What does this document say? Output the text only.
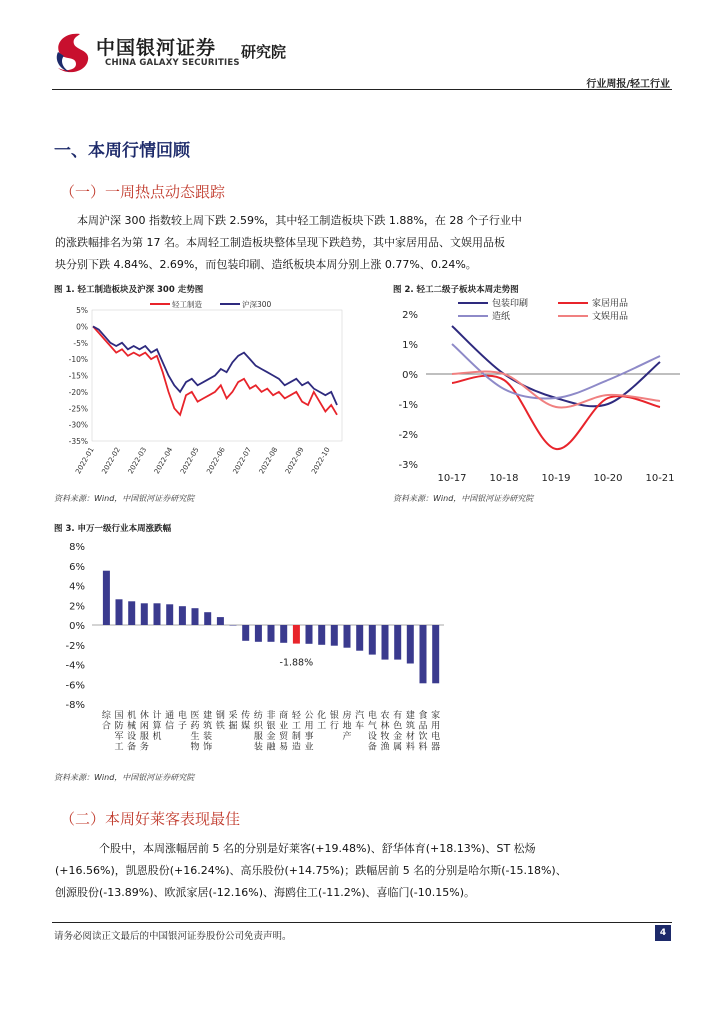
中国银河证券
CHINA GALAXY SECURITIES
研究院
行业周报/轻工行业
一、本周行情回顾
（一）一周热点动态跟踪
本周沪深 300 指数较上周下跌 2.59%，其中轻工制造板块下跌 1.88%，在 28 个子行业中
的涨跌幅排名为第 17 名。本周轻工制造板块整体呈现下跌趋势，其中家居用品、文娱用品板
块分别下跌 4.84%、2.69%，而包装印刷、造纸板块本周分别上涨 0.77%、0.24%。
图 1. 轻工制造板块及沪深 300 走势图
5%
0%
-5%
-10%
-15%
-20%
-25%
-30%
-35%
2022-01 2022-02 2022-03 2022-04 2022-05 2022-06 2022-07 2022-08 2022-09 2022-10
轻工制造	沪深300
资料来源：Wind，中国银河证券研究院
图 2. 轻工二级子板块本周走势图
2%
1%
0%
-1%
-2%
-3%
10-17 10-18 10-19 10-20 10-21
包装印刷	家居用品
造纸	文娱用品
资料来源：Wind，中国银河证券研究院
图 3. 申万一级行业本周涨跌幅
8%
6%
4%
2%
0%
-2%
-4%
-6%
-8%
综合
国防军工
机械设备
休闲服务
计算机
通信
电子
医药生物
建筑装饰
钢铁
采掘
传媒
纺织服装
非银金融
商业贸易
轻工制造
公用事业
化工
银行
房地产
汽车
电气设备
农林牧渔
有色金属
建筑材料
食品饮料
家用电器
-1.88%
资料来源：Wind，中国银河证券研究院
（二）本周好莱客表现最佳
个股中，本周涨幅居前 5 名的分别是好莱客(+19.48%)、舒华体育(+18.13%)、ST 松炀
(+16.56%)，凯恩股份(+16.24%)、高乐股份(+14.75%)；跌幅居前 5 名的分别是哈尔斯(-15.18%)、
创源股份(-13.89%)、欧派家居(-12.16%)、海鸥住工(-11.2%)、喜临门(-10.15%)。
请务必阅读正文最后的中国银河证券股份公司免责声明。	4
